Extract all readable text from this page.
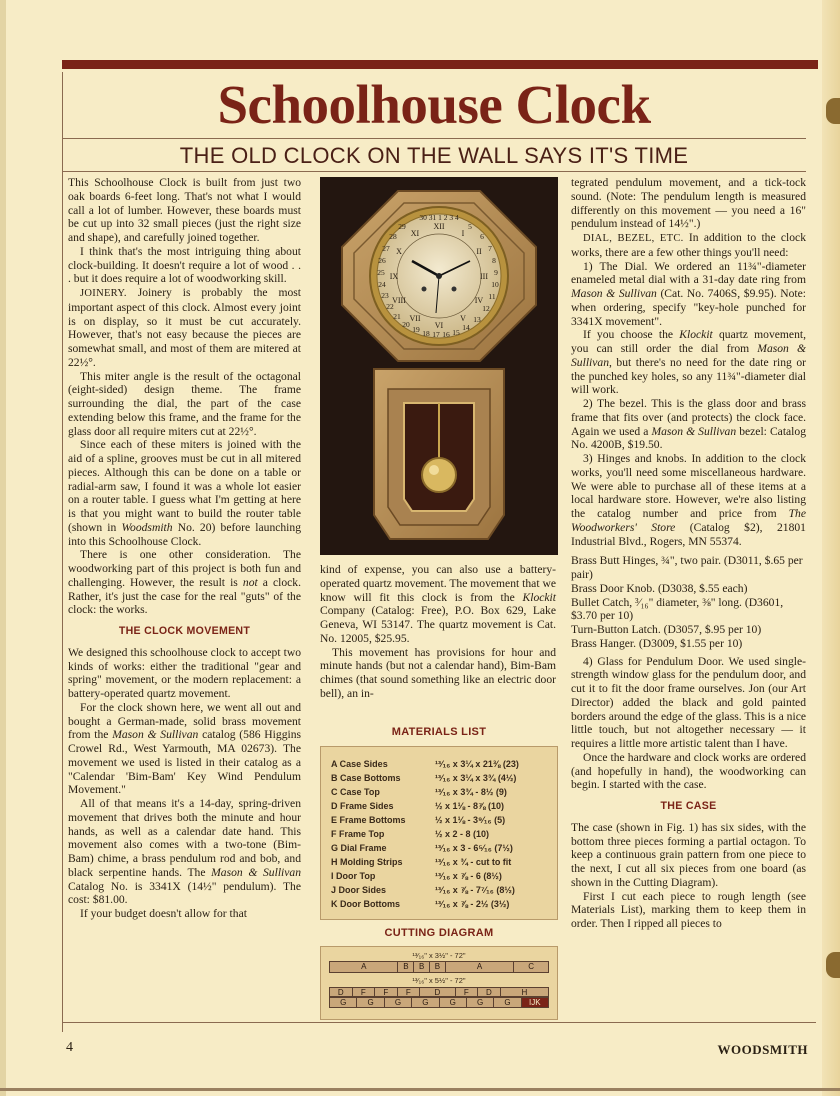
Schoolhouse Clock
THE OLD CLOCK ON THE WALL SAYS IT'S TIME

This Schoolhouse Clock is built from just two oak boards 6-feet long. That's not what I would call a lot of lumber. However, these boards must be cut up into 32 small pieces (just the right size and shape), and carefully joined together.

I think that's the most intriguing thing about clock-building. It doesn't require a lot of wood . . . but it does require a lot of woodworking skill.

JOINERY. Joinery is probably the most important aspect of this clock. Almost every joint is on display, so it must be cut accurately. However, that's not easy because the pieces are somewhat small, and most of them are mitered at 22½°.

This miter angle is the result of the octagonal (eight-sided) design theme. The frame surrounding the dial, the part of the case extending below this frame, and the frame for the glass door all require miters cut at 22½°.

Since each of these miters is joined with the aid of a spline, grooves must be cut in all mitered pieces. Although this can be done on a table or radial-arm saw, I found it was a whole lot easier on a router table. I guess what I'm getting at here is that you might want to build the router table (shown in Woodsmith No. 20) before launching into this Schoolhouse Clock.

There is one other consideration. The woodworking part of this project is both fun and challenging. However, the result is not a clock. Rather, it's just the case for the real "guts" of the clock: the works.

THE CLOCK MOVEMENT

We designed this schoolhouse clock to accept two kinds of works: either the traditional "gear and spring" movement, or the modern replacement: a battery-operated quartz movement.

For the clock shown here, we went all out and bought a German-made, solid brass movement from the Mason & Sullivan catalog (586 Higgins Crowel Rd., West Yarmouth, MA 02673). The movement we used is listed in their catalog as a "Calendar 'Bim-Bam' Key Wind Pendulum Movement."

All of that means it's a 14-day, spring-driven movement that drives both the minute and hour hands, as well as a calendar date hand. This movement also comes with a two-tone (Bim-Bam) chime, a brass pendulum rod and bob, and black serpentine hands. The Mason & Sullivan Catalog No. is 3341X (14½" pendulum). The cost: $81.00.

If your budget doesn't allow for that

XII
I
II
III
IV
V
VI
VII
VIII
IX
X
XI
30 31 1 2 3 4
5
6
7
8
9
10
11
12
13
14
15
16
17
18
19
20
21
22
23
24
25
26
27
28
29

kind of expense, you can also use a battery-operated quartz movement. The movement that we know will fit this clock is from the Klockit Company (Catalog: Free), P.O. Box 629, Lake Geneva, WI 53147. The quartz movement is Cat. No. 12005, $25.95.

This movement has provisions for hour and minute hands (but not a calendar hand), Bim-Bam chimes (that sound something like an electric door bell), an in-

MATERIALS LIST
A Case Sides	¹³⁄₁₆ x 3¼ x 21⅜ (23)
B Case Bottoms	¹³⁄₁₆ x 3¼ x 3¾ (4½)
C Case Top	¹³⁄₁₆ x 3¾ - 8½ (9)
D Frame Sides	½ x 1⅛ - 8⅞ (10)
E Frame Bottoms	½ x 1⅛ - 3⁹⁄₁₆ (5)
F Frame Top	½ x 2 - 8 (10)
G Dial Frame	¹³⁄₁₆ x 3 - 6⁵⁄₁₆ (7½)
H Molding Strips	¹³⁄₁₆ x ¾ - cut to fit
I Door Top	¹³⁄₁₆ x ⅞ - 6 (8½)
J Door Sides	¹³⁄₁₆ x ⅞ - 7⁷⁄₁₆ (8½)
K Door Bottoms	¹³⁄₁₆ x ⅞ - 2½ (3½)
CUTTING DIAGRAM
¹³⁄₁₆" x 3½" - 72"
A	B	B	B	A	C
¹³⁄₁₆" x 5½" - 72"
D	F	F	F	D	F	D	H
G	G	G	G	G	G	G	IJK

tegrated pendulum movement, and a tick-tock sound. (Note: The pendulum length is measured differently on this movement — you need a 16" pendulum instead of 14½".)

DIAL, BEZEL, ETC. In addition to the clock works, there are a few other things you'll need:

1) The Dial. We ordered an 11¾"-diameter enameled metal dial with a 31-day date ring from Mason & Sullivan (Cat. No. 7406S, $9.95). Note: when ordering, specify "key-hole punched for 3341X movement".

If you choose the Klockit quartz movement, you can still order the dial from Mason & Sullivan, but there's no need for the date ring or the punched key holes, so any 11¾"-diameter dial will work.

2) The bezel. This is the glass door and brass frame that fits over (and protects) the clock face. Again we used a Mason & Sullivan bezel: Catalog No. 4200B, $19.50.

3) Hinges and knobs. In addition to the clock works, you'll need some miscellaneous hardware. We were able to purchase all of these items at a local hardware store. However, we're also listing the catalog number and price from The Woodworkers' Store (Catalog $2), 21801 Industrial Blvd., Rogers, MN 55374.

Brass Butt Hinges, ¾", two pair. (D3011, $.65 per pair)

Brass Door Knob. (D3038, $.55 each)

Bullet Catch, ³⁄₁₆" diameter, ⅜" long. (D3601, $3.70 per 10)

Turn-Button Latch. (D3057, $.95 per 10)

Brass Hanger. (D3009, $1.55 per 10)

4) Glass for Pendulum Door. We used single-strength window glass for the pendulum door, and cut it to fit the door frame ourselves. Jon (our Art Director) added the black and gold painted borders around the edge of the glass. This is a nice little touch, but not altogether necessary — it requires a little more artistic talent than I have.

Once the hardware and clock works are ordered (and hopefully in hand), the woodworking can begin. I started with the case.

THE CASE

The case (shown in Fig. 1) has six sides, with the bottom three pieces forming a partial octagon. To keep a continuous grain pattern from one piece to the next, I cut all six pieces from one board (as shown in the Cutting Diagram).

First I cut each piece to rough length (see Materials List), marking them to keep them in order. Then I ripped all pieces to

4	WOODSMITH
